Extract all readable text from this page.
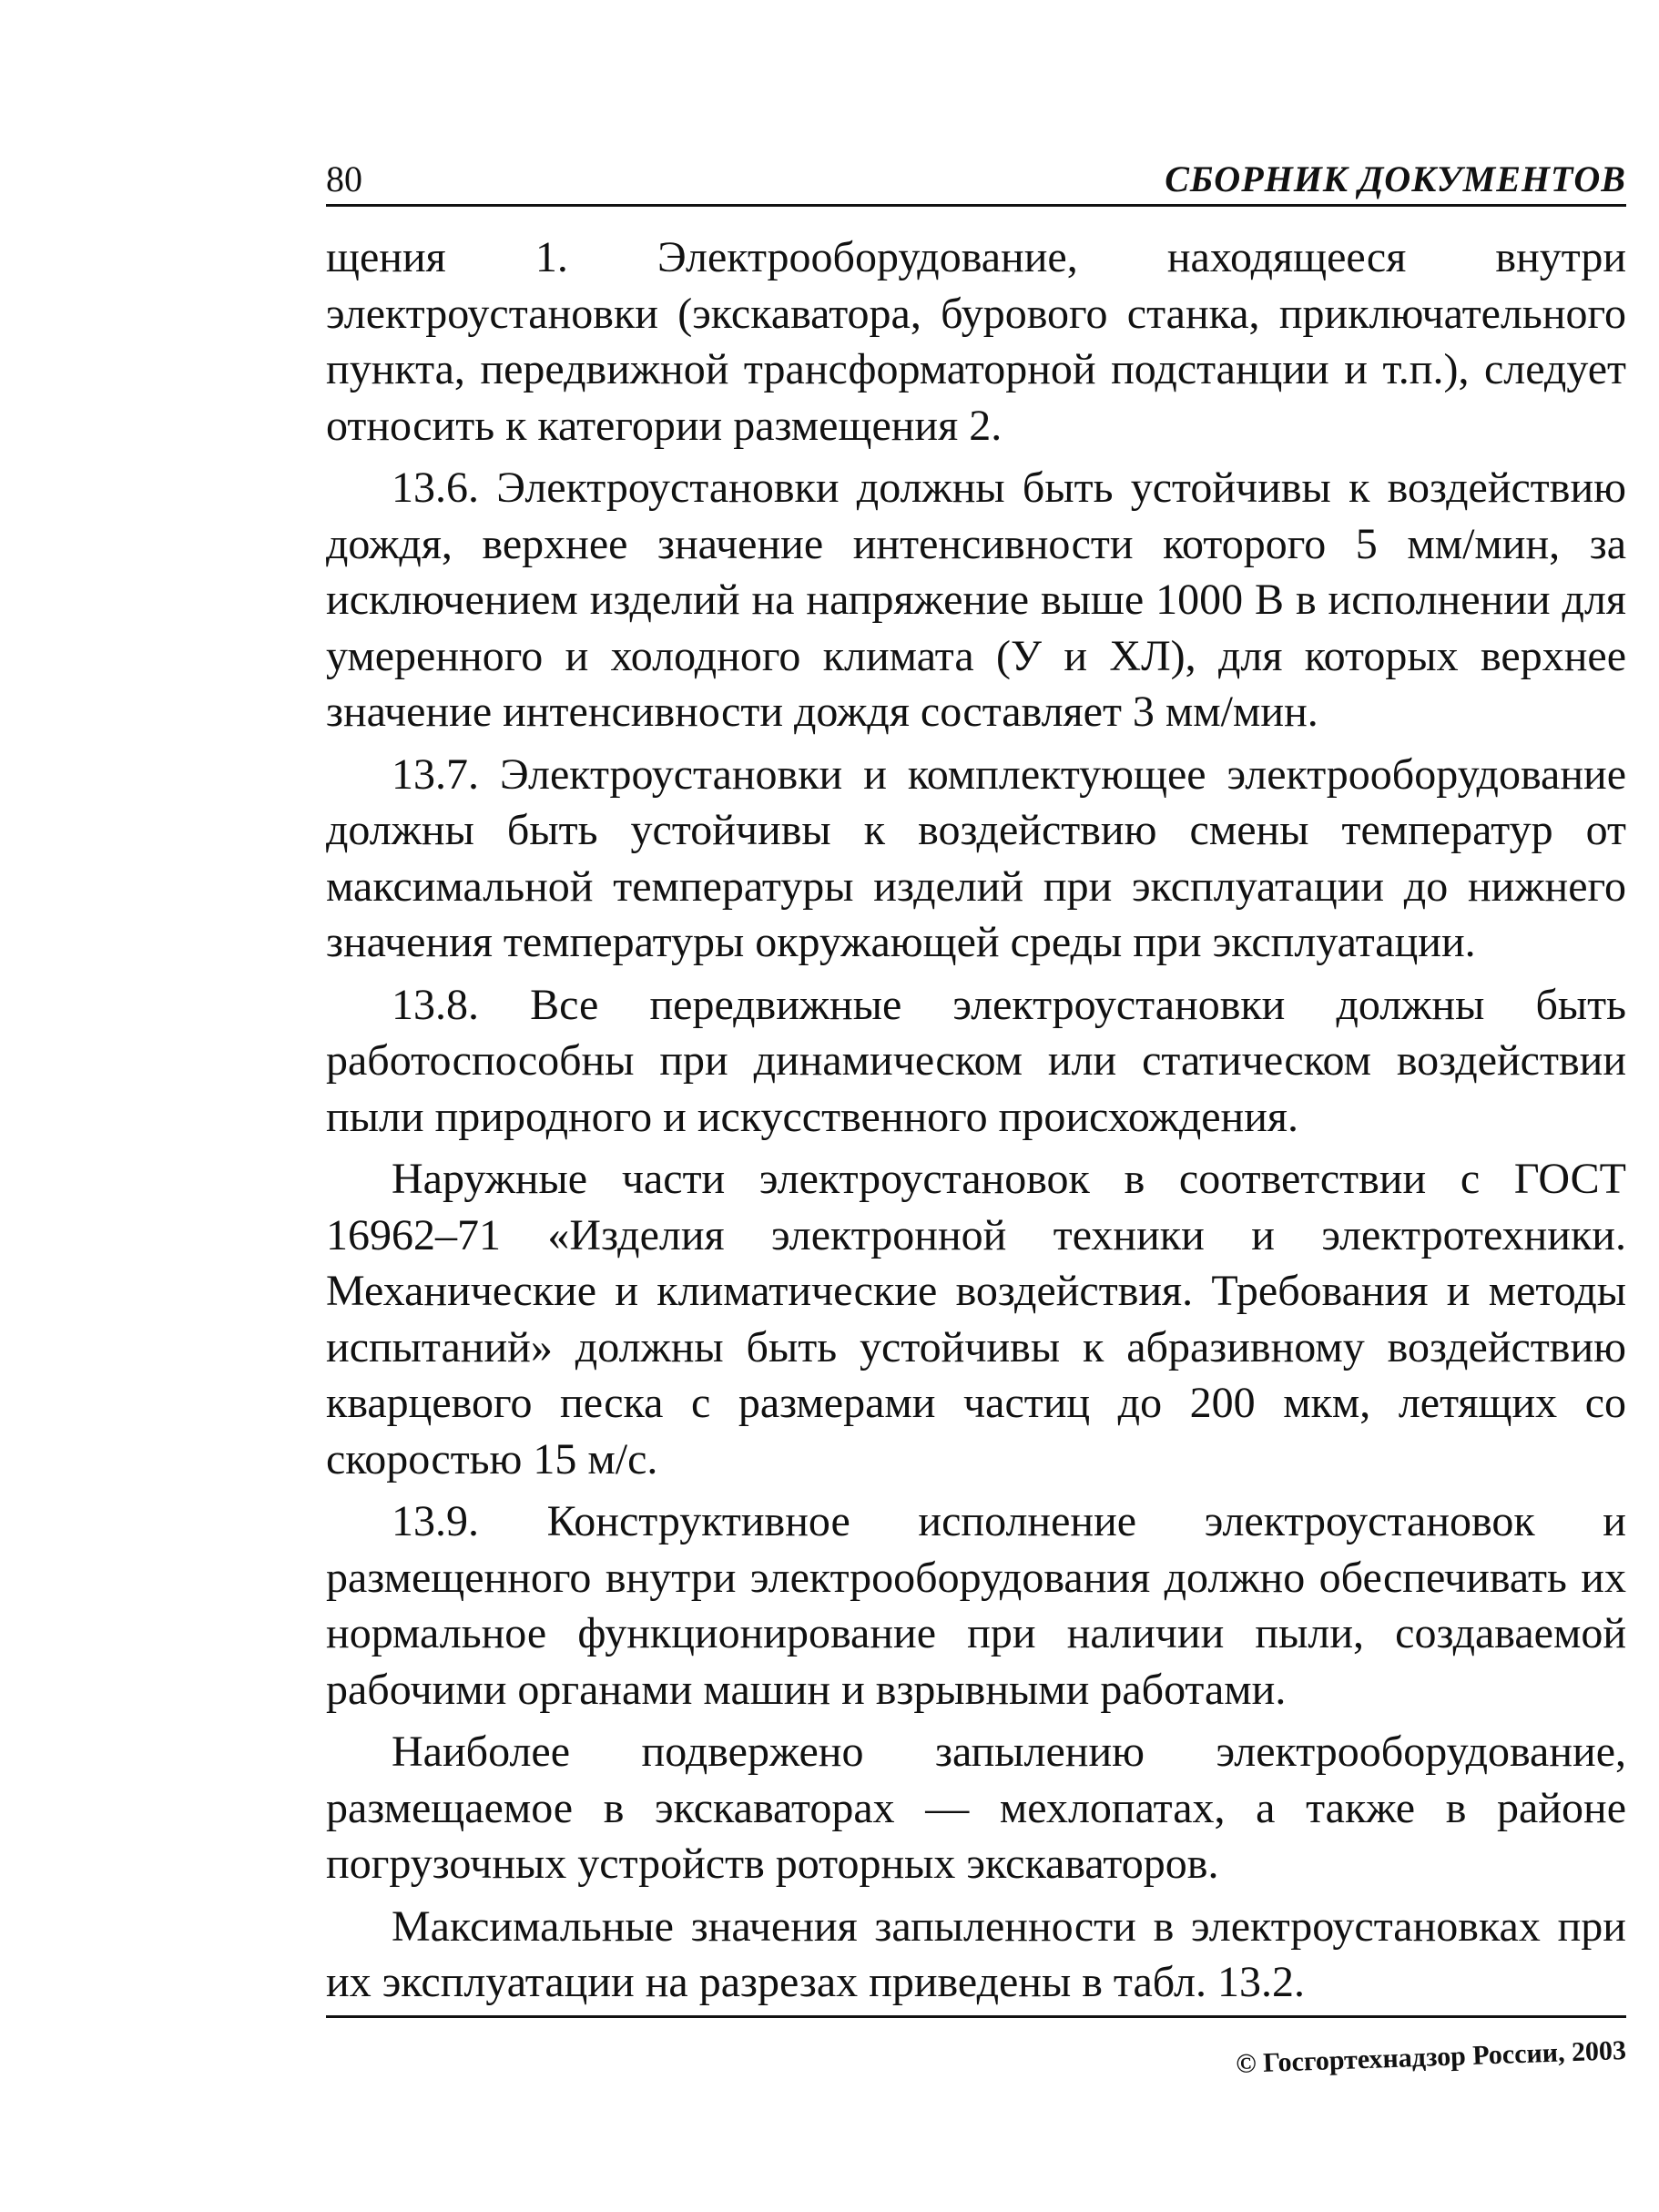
80	СБОРНИК ДОКУМЕНТОВ

щения 1. Электрооборудование, находящееся внутри электроустановки (экскаватора, бурового станка, приключательного пункта, передвижной трансформаторной подстанции и т.п.), следует относить к категории размещения 2.

13.6. Электроустановки должны быть устойчивы к воздействию дождя, верхнее значение интенсивности которого 5 мм/мин, за исключением изделий на напряжение выше 1000 В в исполнении для умеренного и холодного климата (У и ХЛ), для которых верхнее значение интенсивности дождя составляет 3 мм/мин.

13.7. Электроустановки и комплектующее электрооборудование должны быть устойчивы к воздействию смены температур от максимальной температуры изделий при эксплуатации до нижнего значения температуры окружающей среды при эксплуатации.

13.8. Все передвижные электроустановки должны быть работоспособны при динамическом или статическом воздействии пыли природного и искусственного происхождения.

Наружные части электроустановок в соответствии с ГОСТ 16962–71 «Изделия электронной техники и электротехники. Механические и климатические воздействия. Требования и методы испытаний» должны быть устойчивы к абразивному воздействию кварцевого песка с размерами частиц до 200 мкм, летящих со скоростью 15 м/с.

13.9. Конструктивное исполнение электроустановок и размещенного внутри электрооборудования должно обеспечивать их нормальное функционирование при наличии пыли, создаваемой рабочими органами машин и взрывными работами.

Наиболее подвержено запылению электрооборудование, размещаемое в экскаваторах — мехлопатах, а также в районе погрузочных устройств роторных экскаваторов.

Максимальные значения запыленности в электроустановках при их эксплуатации на разрезах приведены в табл. 13.2.

© Госгортехнадзор России, 2003
